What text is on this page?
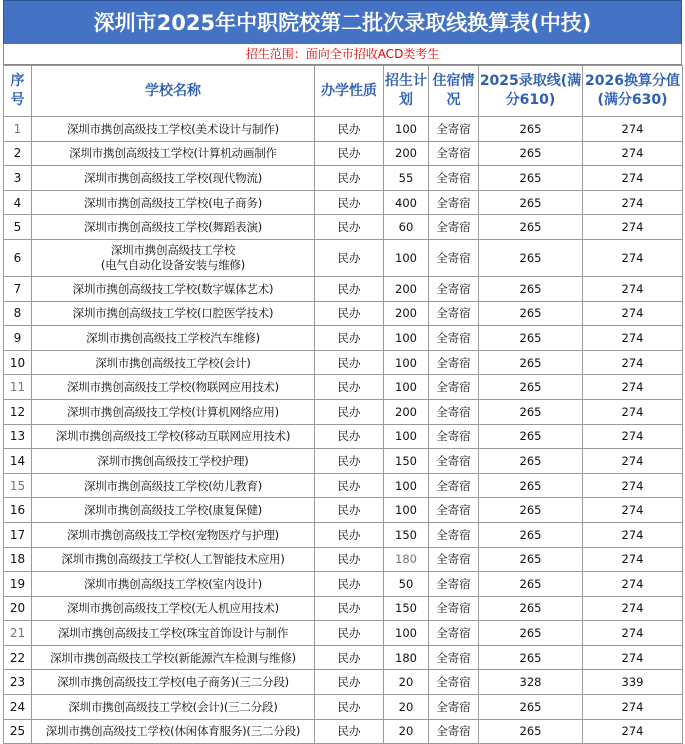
深圳市2025年中职院校第二批次录取线换算表(中技)
招生范围：面向全市招收ACD类考生
序号	学校名称	办学性质	招生计划	住宿情况	2025录取线(满分610)	2026换算分值(满分630)
1	深圳市携创高级技工学校(美术设计与制作)	民办	100	全寄宿	265	274
2	深圳市携创高级技工学校(计算机动画制作	民办	200	全寄宿	265	274
3	深圳市携创高级技工学校(现代物流)	民办	55	全寄宿	265	274
4	深圳市携创高级技工学校(电子商务)	民办	400	全寄宿	265	274
5	深圳市携创高级技工学校(舞蹈表演)	民办	60	全寄宿	265	274
6	深圳市携创高级技工学校
(电气自动化设备安装与维修)	民办	100	全寄宿	265	274
7	深圳市携创高级技工学校(数字媒体艺术)	民办	200	全寄宿	265	274
8	深圳市携创高级技工学校(口腔医学技术)	民办	200	全寄宿	265	274
9	深圳市携创高级技工学校汽车维修)	民办	100	全寄宿	265	274
10	深圳市携创高级技工学校(会计)	民办	100	全寄宿	265	274
11	深圳市携创高级技工学校(物联网应用技术)	民办	100	全寄宿	265	274
12	深圳市携创高级技工学校(计算机网络应用)	民办	200	全寄宿	265	274
13	深圳市携创高级技工学校(移动互联网应用技术)	民办	100	全寄宿	265	274
14	深圳市携创高级技工学校护理)	民办	150	全寄宿	265	274
15	深圳市携创高级技工学校(幼儿教育)	民办	100	全寄宿	265	274
16	深圳市携创高级技工学校(康复保健)	民办	100	全寄宿	265	274
17	深圳市携创高级技工学校(宠物医疗与护理)	民办	150	全寄宿	265	274
18	深圳市携创高级技工学校(人工智能技术应用)	民办	180	全寄宿	265	274
19	深圳市携创高级技工学校(室内设计)	民办	50	全寄宿	265	274
20	深圳市携创高级技工学校(无人机应用技术)	民办	150	全寄宿	265	274
21	深圳市携创高级技工学校(珠宝首饰设计与制作	民办	100	全寄宿	265	274
22	深圳市携创高级技工学校(新能源汽车检测与维修)	民办	180	全寄宿	265	274
23	深圳市携创高级技工学校(电子商务)(三二分段)	民办	20	全寄宿	328	339
24	深圳市携创高级技工学校(会计)(三二分段)	民办	20	全寄宿	265	274
25	深圳市携创高级技工学校(休闲体育服务)(三二分段)	民办	20	全寄宿	265	274
